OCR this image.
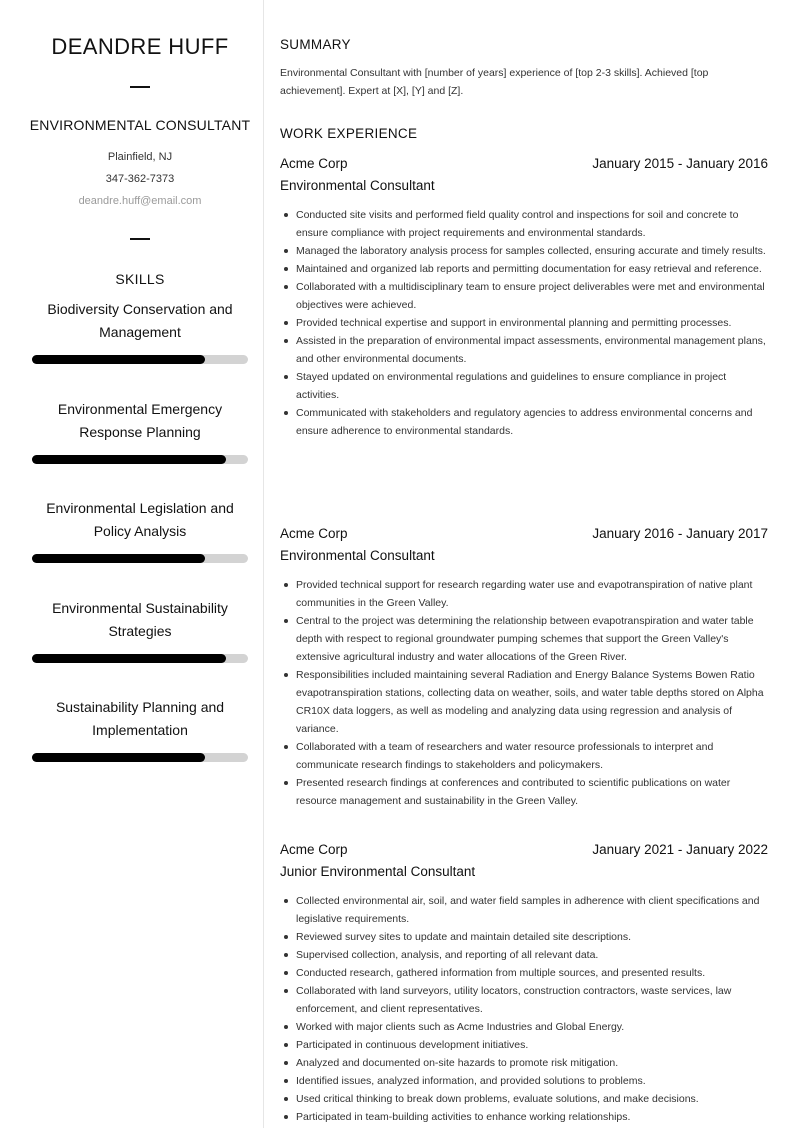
DEANDRE HUFF
ENVIRONMENTAL CONSULTANT
Plainfield, NJ
347-362-7373
deandre.huff@email.com
SKILLS
Biodiversity Conservation and Management
Environmental Emergency Response Planning
Environmental Legislation and Policy Analysis
Environmental Sustainability Strategies
Sustainability Planning and Implementation
SUMMARY
Environmental Consultant with [number of years] experience of [top 2-3 skills]. Achieved [top achievement]. Expert at [X], [Y] and [Z].
WORK EXPERIENCE
Acme Corp	January 2015 - January 2016
Environmental Consultant
Conducted site visits and performed field quality control and inspections for soil and concrete to ensure compliance with project requirements and environmental standards.
Managed the laboratory analysis process for samples collected, ensuring accurate and timely results.
Maintained and organized lab reports and permitting documentation for easy retrieval and reference.
Collaborated with a multidisciplinary team to ensure project deliverables were met and environmental objectives were achieved.
Provided technical expertise and support in environmental planning and permitting processes.
Assisted in the preparation of environmental impact assessments, environmental management plans, and other environmental documents.
Stayed updated on environmental regulations and guidelines to ensure compliance in project activities.
Communicated with stakeholders and regulatory agencies to address environmental concerns and ensure adherence to environmental standards.
Acme Corp	January 2016 - January 2017
Environmental Consultant
Provided technical support for research regarding water use and evapotranspiration of native plant communities in the Green Valley.
Central to the project was determining the relationship between evapotranspiration and water table depth with respect to regional groundwater pumping schemes that support the Green Valley's extensive agricultural industry and water allocations of the Green River.
Responsibilities included maintaining several Radiation and Energy Balance Systems Bowen Ratio evapotranspiration stations, collecting data on weather, soils, and water table depths stored on Alpha CR10X data loggers, as well as modeling and analyzing data using regression and analysis of variance.
Collaborated with a team of researchers and water resource professionals to interpret and communicate research findings to stakeholders and policymakers.
Presented research findings at conferences and contributed to scientific publications on water resource management and sustainability in the Green Valley.
Acme Corp	January 2021 - January 2022
Junior Environmental Consultant
Collected environmental air, soil, and water field samples in adherence with client specifications and legislative requirements.
Reviewed survey sites to update and maintain detailed site descriptions.
Supervised collection, analysis, and reporting of all relevant data.
Conducted research, gathered information from multiple sources, and presented results.
Collaborated with land surveyors, utility locators, construction contractors, waste services, law enforcement, and client representatives.
Worked with major clients such as Acme Industries and Global Energy.
Participated in continuous development initiatives.
Analyzed and documented on-site hazards to promote risk mitigation.
Identified issues, analyzed information, and provided solutions to problems.
Used critical thinking to break down problems, evaluate solutions, and make decisions.
Participated in team-building activities to enhance working relationships.
